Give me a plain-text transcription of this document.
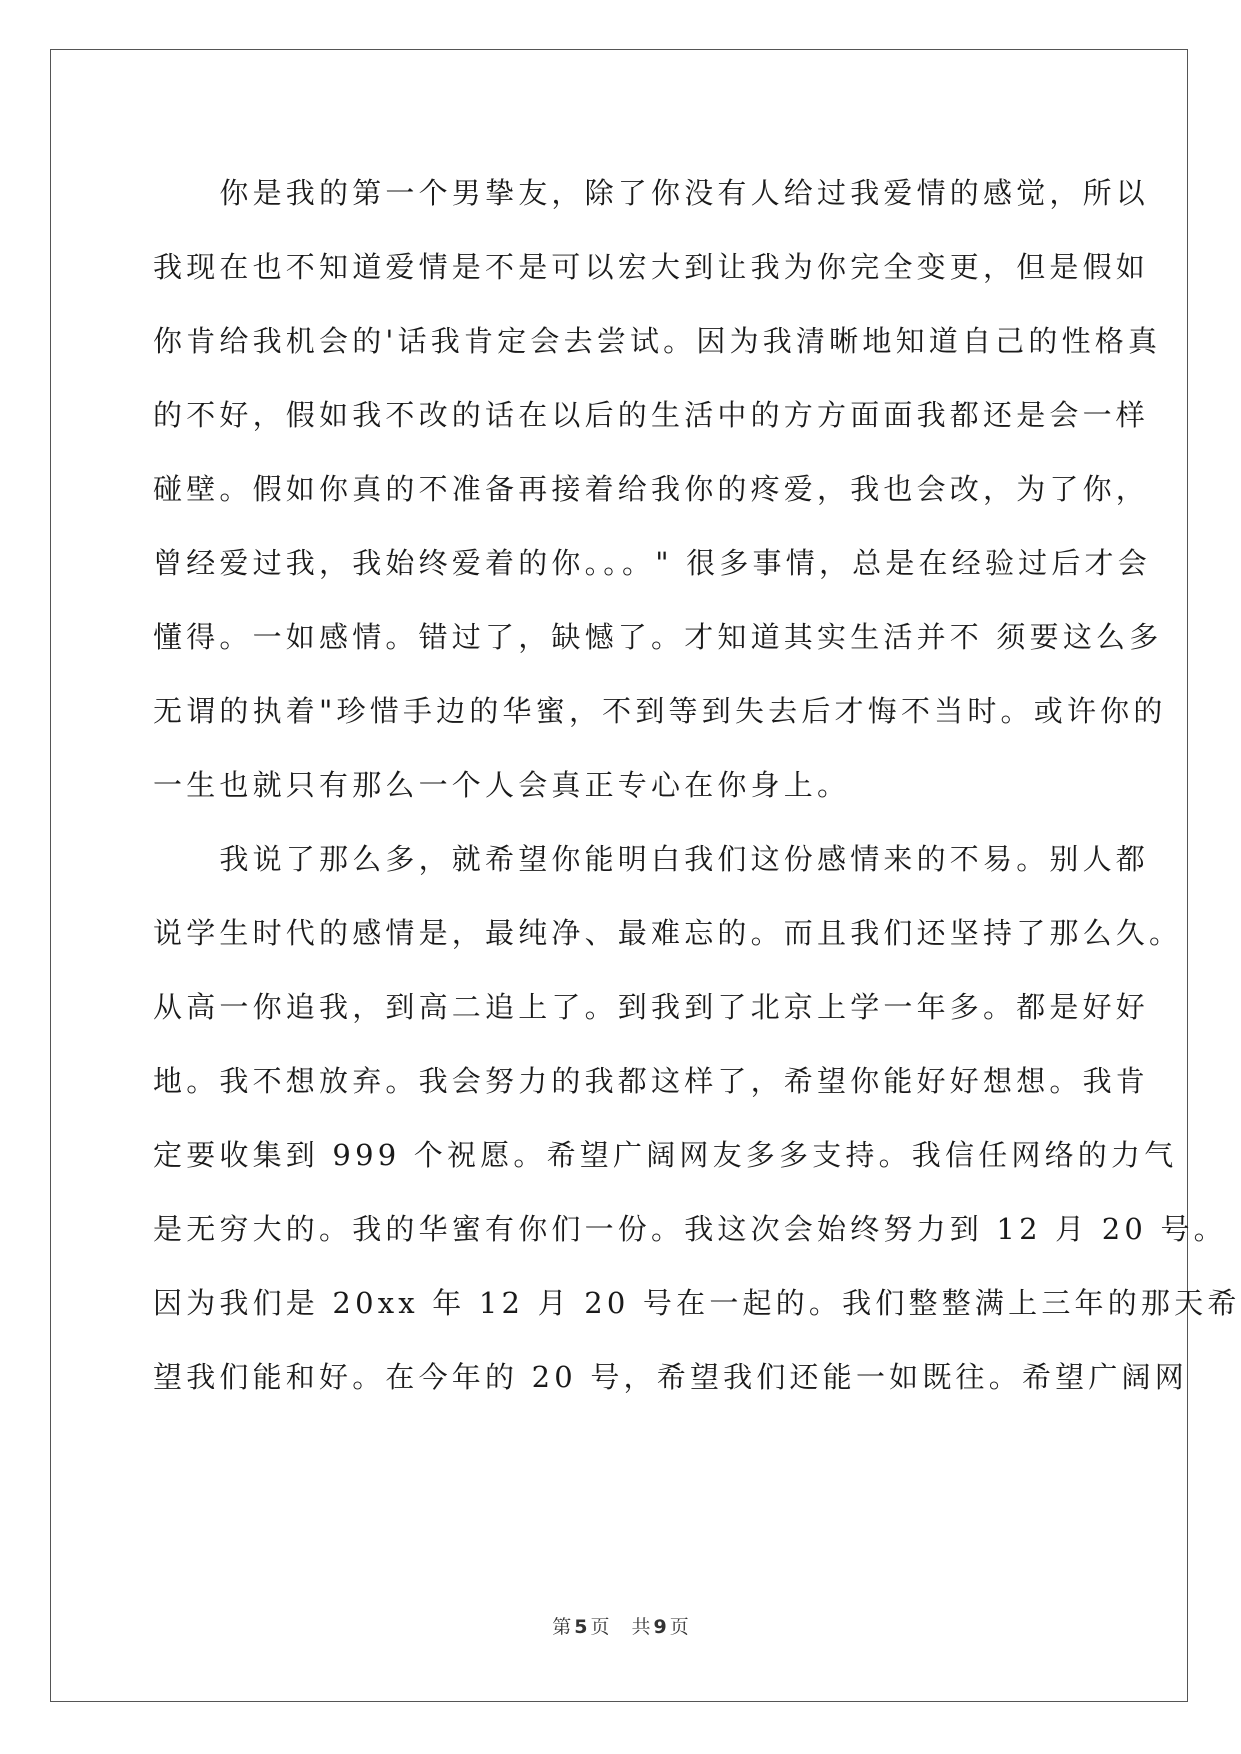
　　你是我的第一个男挚友，除了你没有人给过我爱情的感觉，所以
我现在也不知道爱情是不是可以宏大到让我为你完全变更，但是假如
你肯给我机会的'话我肯定会去尝试。因为我清晰地知道自己的性格真
的不好，假如我不改的话在以后的生活中的方方面面我都还是会一样
碰壁。假如你真的不准备再接着给我你的疼爱，我也会改，为了你，
曾经爱过我，我始终爱着的你。。。" 很多事情，总是在经验过后才会
懂得。一如感情。错过了，缺憾了。才知道其实生活并不 须要这么多
无谓的执着"珍惜手边的华蜜，不到等到失去后才悔不当时。或许你的
一生也就只有那么一个人会真正专心在你身上。
　　我说了那么多，就希望你能明白我们这份感情来的不易。别人都
说学生时代的感情是，最纯净、最难忘的。而且我们还坚持了那么久。
从高一你追我，到高二追上了。到我到了北京上学一年多。都是好好
地。我不想放弃。我会努力的我都这样了，希望你能好好想想。我肯
定要收集到 999 个祝愿。希望广阔网友多多支持。我信任网络的力气
是无穷大的。我的华蜜有你们一份。我这次会始终努力到 12 月 20 号。
因为我们是 20xx 年 12 月 20 号在一起的。我们整整满上三年的那天希
望我们能和好。在今年的 20 号，希望我们还能一如既往。希望广阔网
第 5 页 共 9 页
